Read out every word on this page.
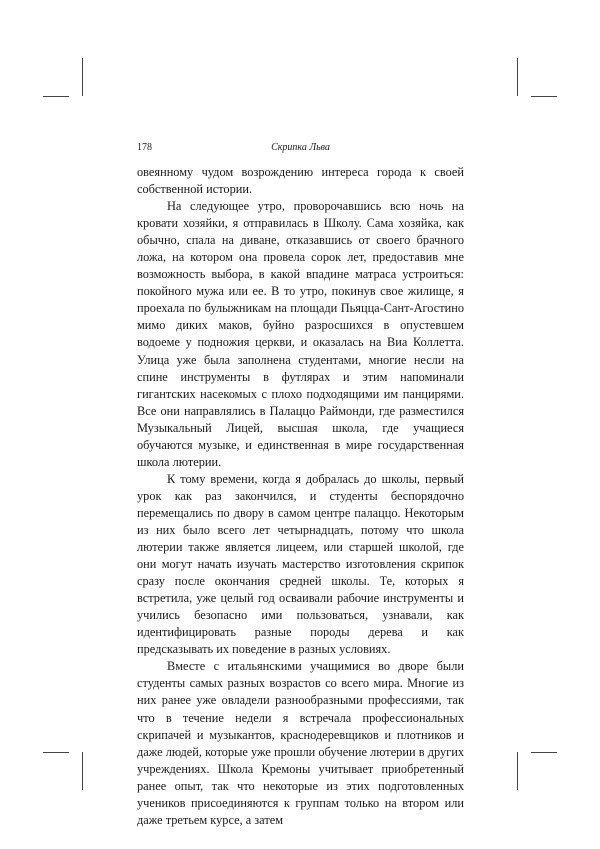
178	Скрипка Льва

овеянному чудом возрождению интереса города к своей собственной истории.

На следующее утро, проворочавшись всю ночь на кровати хозяйки, я отправилась в Школу. Сама хозяйка, как обычно, спала на диване, отказавшись от своего брачного ложа, на котором она провела сорок лет, предоставив мне возможность выбора, в какой впадине матраса устроиться: покойного мужа или ее. В то утро, покинув свое жилище, я проехала по булыжникам на площади Пьяцца-Сант-Агостино мимо диких маков, буйно разросшихся в опустевшем водоеме у подножия церкви, и оказалась на Виа Коллетта. Улица уже была заполнена студентами, многие несли на спине инструменты в футлярах и этим напоминали гигантских насекомых с плохо подходящими им панцирями. Все они направлялись в Палаццо Раймонди, где разместился Музыкальный Лицей, высшая школа, где учащиеся обучаются музыке, и единственная в мире государственная школа лютерии.

К тому времени, когда я добралась до школы, первый урок как раз закончился, и студенты беспорядочно перемещались по двору в самом центре палаццо. Некоторым из них было всего лет четырнадцать, потому что школа лютерии также является лицеем, или старшей школой, где они могут начать изучать мастерство изготовления скрипок сразу после окончания средней школы. Те, которых я встретила, уже целый год осваивали рабочие инструменты и учились безопасно ими пользоваться, узнавали, как идентифицировать разные породы дерева и как предсказывать их поведение в разных условиях.

Вместе с итальянскими учащимися во дворе были студенты самых разных возрастов со всего мира. Многие из них ранее уже овладели разнообразными профессиями, так что в течение недели я встречала профессиональных скрипачей и музыкантов, краснодеревщиков и плотников и даже людей, которые уже прошли обучение лютерии в других учреждениях. Школа Кремоны учитывает приобретенный ранее опыт, так что некоторые из этих подготовленных учеников присоединяются к группам только на втором или даже третьем курсе, а затем
